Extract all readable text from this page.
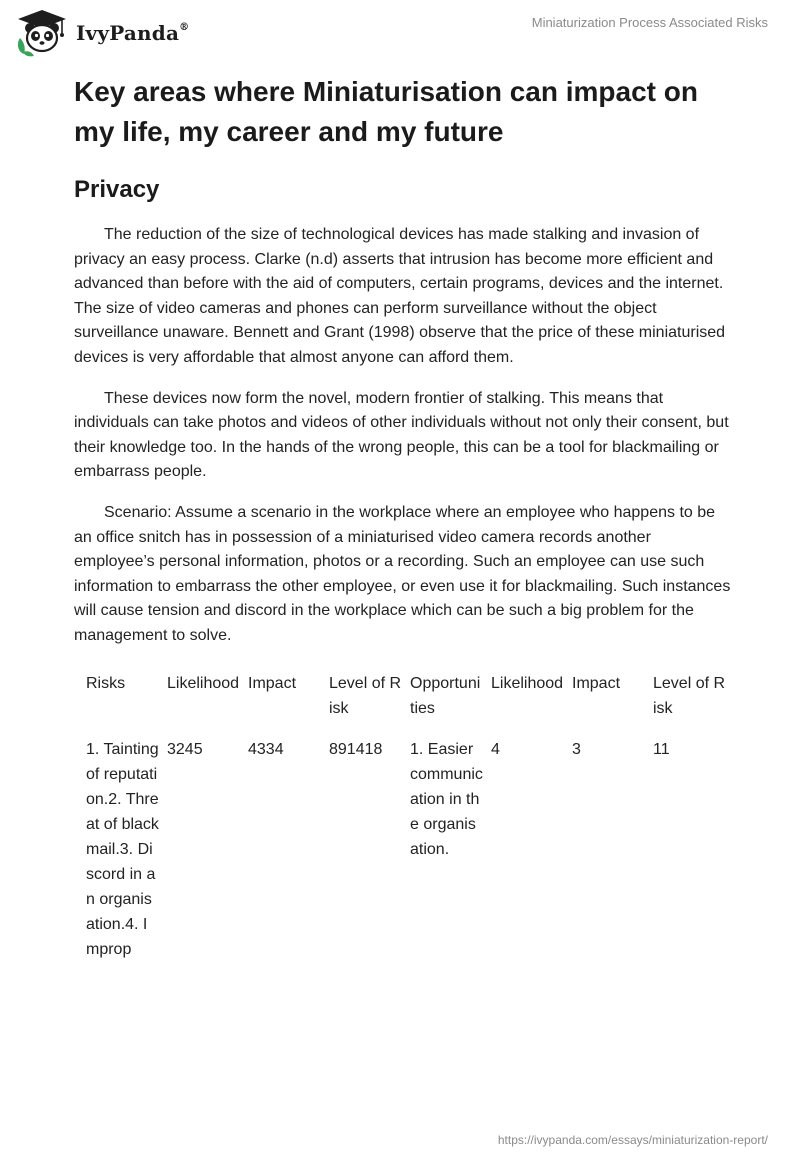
IvyPanda®	Miniaturization Process Associated Risks
Key areas where Miniaturisation can impact on my life, my career and my future
Privacy

The reduction of the size of technological devices has made stalking and invasion of privacy an easy process. Clarke (n.d) asserts that intrusion has become more efficient and advanced than before with the aid of computers, certain programs, devices and the internet. The size of video cameras and phones can perform surveillance without the object surveillance unaware. Bennett and Grant (1998) observe that the price of these miniaturised devices is very affordable that almost anyone can afford them.

These devices now form the novel, modern frontier of stalking. This means that individuals can take photos and videos of other individuals without not only their consent, but their knowledge too. In the hands of the wrong people, this can be a tool for blackmailing or embarrass people.

Scenario: Assume a scenario in the workplace where an employee who happens to be an office snitch has in possession of a miniaturised video camera records another employee’s personal information, photos or a recording. Such an employee can use such information to embarrass the other employee, or even use it for blackmailing. Such instances will cause tension and discord in the workplace which can be such a big problem for the management to solve.

Risks	Likelihood	Impact	Level of Risk	Opportunities	Likelihood	Impact	Level of Risk
1. Tainting of reputation.2. Threat of blackmail.3. Discord in an organisation.4. Improp	3245	4334	891418	1. Easier communication in the organisation.	4	3	11
https://ivypanda.com/essays/miniaturization-report/
